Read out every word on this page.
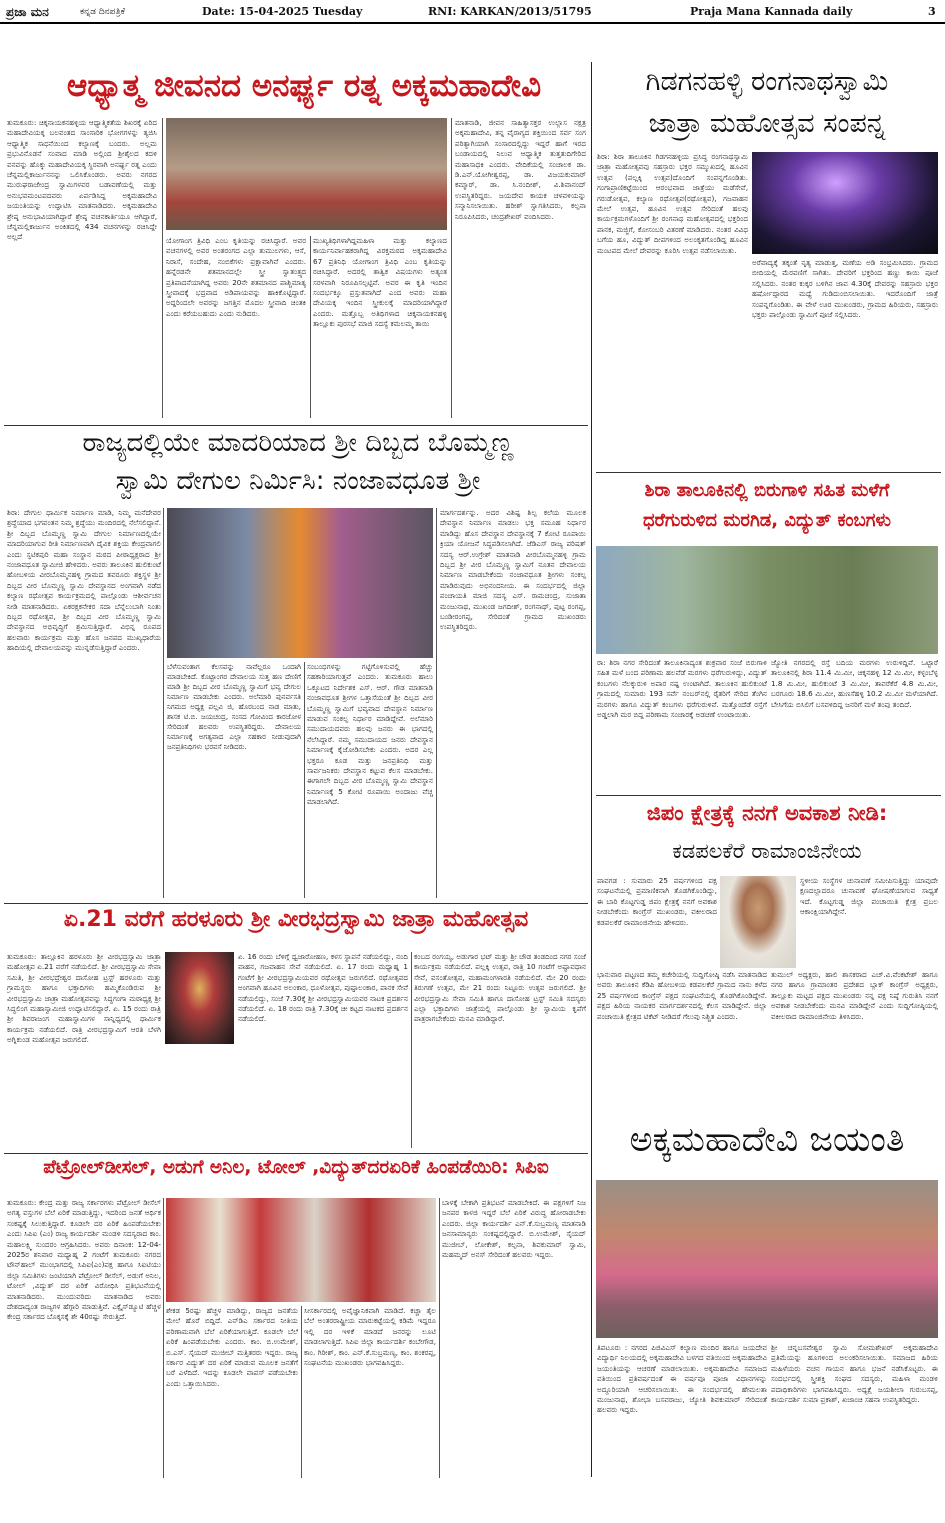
ಪ್ರಜಾ ಮನ	ಕನ್ನಡ ದಿನಪತ್ರಿಕೆ	Date: 15-04-2025 Tuesday	RNI: KARKAN/2013/51795	Praja Mana Kannada daily	3
ಆಧ್ಯಾತ್ಮ ಜೀವನದ ಅನರ್ಘ್ಯ ರತ್ನ ಅಕ್ಕಮಹಾದೇವಿ
ತುಮಕೂರು: ಚಿಕ್ಕನಾಯಕನಹಳ್ಳಿಯ ಆಧ್ಯಾತ್ಮಿಕತೆಯ ಶಿಖರಕ್ಕೆ ಏರಿದ ಮಹಾದೇವಿಯಕ್ಕ ಬಲವಂತದ ಸಾಂಸಾರಿಕ ಭೋಗಗಳನ್ನು ತ್ಯಜಿಸಿ ಆಧ್ಯಾತ್ಮಿಕ ಸಾಧನೆಯಿಂದ ಕಲ್ಯಾಣಕ್ಕೆ ಬಂದರು. ಅಲ್ಲಮ ಪ್ರಭುವಿನೊಡನೆ ಸಂವಾದ ಮಾಡಿ ಅಲ್ಲಿಂದ ಶ್ರೀಶೈಲದ ಕದಳಿ ವನವನ್ನು ಹೊಕ್ಕು ಮಹಾದೇವಿಯಕ್ಕ ಸ್ಥಿರವಾಗಿ ಅನರ್ಘ್ಯ ರತ್ನ ಎಂದು ಚೆನ್ನಮಲ್ಲಿಕಾರ್ಜುನನನ್ನು ಒಲಿಸಿಕೊಂಡರು. ಅವರು ನಗರದ ಮುರುಘರಾಜೇಂದ್ರ ಸ್ವಾಮಿಗಳವರ ಬಡಾವಣೆಯಲ್ಲಿ ಮತ್ತು ಅನುಭವಮಂಟಪದವರು ಏರ್ಪಡಿಸಿದ್ದ ಅಕ್ಕಮಹಾದೇವಿ ಜಯಂತಿಯನ್ನು ಉದ್ಘಾಟಿಸಿ ಮಾತನಾಡಿದರು. ಅಕ್ಕಮಹಾದೇವಿ ಶ್ರೇಷ್ಠ ಅನುಭಾವಿಯಾಗಿದ್ದಾರೆ ಶ್ರೇಷ್ಠ ವಚನಕಾರ್ತಿಯೂ ಆಗಿದ್ದಾರೆ, ಚೆನ್ನಮಲ್ಲಿಕಾರ್ಜುನ ಅಂಕಿತದಲ್ಲಿ 434 ವಚನಗಳನ್ನು ರಚಿಸಿದ್ದೇ ಅಲ್ಲದೆ	ಯೋಗಾಂಗ ತ್ರಿವಿಧಿ ಎಂಬ ಕೃತಿಯನ್ನು ರಚಿಸಿದ್ದಾರೆ. ಅವರ ವಚನಗಳಲ್ಲಿ ಅವರ ಅಂತರಂಗದ ಎಲ್ಲಾ ತುಮುಲಗಳು, ಆಸೆ, ನಿರಾಸೆ, ಸಂದೇಹ, ನಂಬಿಕೆಗಳು ಪ್ರಕ್ಷಾವಾಗಿವೆ ಎಂದರು. ಹನ್ನೆರಡನೇ ಶತಮಾನದಲ್ಲೇ ಸ್ತ್ರೀ ಸ್ವಾತಂತ್ರ್ಯದ ಪ್ರತಿಪಾದನೆಯಾಗಿದ್ದ ಅವರು 20ನೇ ಶತಮಾನದ ಪಾಶ್ಚಿಮಾತ್ಯ ಸ್ತ್ರೀವಾದಕ್ಕೆ ಭದ್ರವಾದ ಅಡಿಪಾಯವನ್ನು ಹಾಕಿಕೊಟ್ಟಿದ್ದಾರೆ. ಅದ್ದರಿಂದಲೇ ಅವರನ್ನು ಜಗತ್ತಿನ ಮೊದಲ ಸ್ತ್ರೀವಾದಿ ಚಿಂತಕಿ ಎಂದು ಕರೆಯಬಹುದು ಎಂದು ನುಡಿದರು.
ಮುಖ್ಯತಿಥಿಗಳಾಗಿದ್ದಮಹಿಳಾ ಮತ್ತು ಕಲ್ಯಾಣದ ಕಾರ್ಯನಿರ್ವಾಹಕರಾಗಿದ್ದ ವಿರಕ್ತಮಠದ ಅಕ್ಕಮಹಾದೇವಿ 67 ಪ್ರತಿನಿಧಿ ಯೋಗಾಂಗ ತ್ರಿವಿಧಿ ಎಂಬ ಕೃತಿಯನ್ನು ರಚಿಸಿದ್ದಾರೆ. ಅದರಲ್ಲಿ ತಾತ್ವಿಕ ವಿಷಯಗಳು ಅತ್ಯಂತ ಸರಳವಾಗಿ ನಿರೂಪಿಸಲ್ಪಟ್ಟಿವೆ. ಅವರ ಈ ಕೃತಿ ಇಂದಿನ ಸಂದರ್ಭಕ್ಕೂ ಪ್ರಸ್ತುತವಾಗಿದೆ ಎಂದ ಅವರು ಮಹಾ ದೇವಿಯಕ್ಕ ಇಂದಿನ ಸ್ತ್ರೀಕುಲಕ್ಕೆ ಮಾದರಿಯಾಗಿದ್ದಾರೆ ಎಂದರು. ಮತ್ತೊಬ್ಬ ಅತಿಥಿಗಳಾದ ಚಿಕ್ಕನಾಯಕನಹಳ್ಳಿ ತಾಲ್ಲೂಕು ಪುರಸಭೆ ಮಾಜಿ ಸದಸ್ಯೆ ಕಮಲಮ್ಮ ತಾಯಿ
ಮಾತನಾಡಿ, ಜೀವನ ಸಾಹಿತ್ಯಾಸಕ್ತರ ಉಲ್ಲಾಸ ನಕ್ಷತ್ರ ಅಕ್ಕಮಹಾದೇವಿ, ತನ್ನ ವೈರಾಗ್ಯದ ಶಕ್ತಿಯಿಂದ ಸರ್ವ ಸಂಗ ಪರಿತ್ಯಾಗಿಯಾಗಿ ಸಂಸಾರದಲ್ಲಿದ್ದು ಇದ್ದರೆ ಹಾಗೆ ಇರದ ಬಂಡಾಯದಲ್ಲಿ ನಿಲುವ ಆಧ್ಯಾತ್ಮಿಕ ತುತ್ತತುದಿಗೇರಿದ ಮಹಾಸಾಧಕಿ ಎಂದರು. ವೇದಿಕೆಯಲ್ಲಿ ಸಂಚಾಲಕ ಡಾ. ಡಿ.ಎನ್.ಯೋಗೀಶ್ವರಪ್ಪ, ಡಾ. ವಿಜಯಕುಮಾರ್ ಕಮ್ಮಾರ್, ಡಾ. ಸಿ.ನಂದೀಶ್, ವಿ.ಶಿವಾನಂದ್ ಉಪಸ್ಥಿತರಿದ್ದರು. ಜಯದೇವ ಕಾಯಕ ಚಳವಳಿಯನ್ನು ಸನ್ಮಾನಿಸಲಾಯಿತು. ಹರೀಶ್ ಸ್ವಾಗತಿಸಿದರು, ಕಲ್ಪನಾ ನಿರೂಪಿಸಿದರು, ಚಂದ್ರಶೇಖರ್ ವಂದಿಸಿದರು.
ಗಿಡಗನಹಳ್ಳಿ ರಂಗನಾಥಸ್ವಾಮಿ
ಜಾತ್ರಾ ಮಹೋತ್ಸವ ಸಂಪನ್ನ
ಶಿರಾ: ಶಿರಾ ತಾಲೂಕಿನ ಗಿಡಗನಹಳ್ಳಿಯ ಪ್ರಸಿದ್ಧ ರಂಗನಾಥಸ್ವಾಮಿ ಜಾತ್ರಾ ಮಹೋತ್ಸವವು ಸಹಸ್ರಾರು ಭಕ್ತರ ಸಮ್ಮುಖದಲ್ಲಿ ಹೂವಿನ ಉತ್ಸವ (ಪಲ್ಲಕ್ಕಿ ಉತ್ಸವ)ದೊಂದಿಗೆ ಸಂಪನ್ನಗೊಂಡಿತು. ಗಂಗಾಪ್ರಾಣಿಕಟ್ಟೆಯಿಂದ ಆರಂಭವಾದ ಜಾತ್ರೆಯು ಮಡೆಸೇವೆ, ಗರುಡೋತ್ಸವ, ಕಲ್ಯಾಣ ರಥೋತ್ಸವ(ರಥೋತ್ಸವ), ಗಜವಾಹನ ಮೇಲೆ ಉತ್ಸವ, ಹೂವಿನ ಉತ್ಸವ ಸೇರಿದಂತೆ ಹಲವು ಕಾರ್ಯಕ್ರಮಗಳೊಂದಿಗೆ ಶ್ರೀ ರಂಗನಾಥ ಮಹೋತ್ಸವದಲ್ಲಿ ಭಕ್ತರಿಂದ ಪಾನಕ, ಮಜ್ಜಿಗೆ, ಕೋಸಂಬರಿ ವಿತರಣೆ ಮಾಡಿದರು. ನಂತರ ವಿವಿಧ ಬಗೆಯ ಹೂ, ವಿದ್ಯುತ್ ದೀಪಗಳಿಂದ ಅಲಂಕೃತಗೊಂಡಿದ್ದ ಹೂವಿನ ಮಂಟಪದ ಮೇಲೆ ದೇವರನ್ನು ಕೂರಿಸಿ ಉತ್ಸವ ನಡೆಸಲಾಯಿತು.
ಅರೆವಾದ್ಯಕ್ಕೆ ತಕ್ಕಂತೆ ನೃತ್ಯ ಮಾಡುತ್ತ, ಮಣೆಯ ಅಡಿ ಸಂಭ್ರಮಿಸಿದರು. ಗ್ರಾಮದ ಬೀದಿಯಲ್ಲಿ ಮೆರವಣಿಗೆ ಸಾಗಿತು. ದೇವರಿಗೆ ಭಕ್ತರಿಂದ ಹಣ್ಣು ಕಾಯಿ ಪೂಜೆ ಸಲ್ಲಿಸಿದರು. ನಂತರ ಕುಕ್ಕರ ಬಳಿಗಿನ ಜಾವ 4.30ಕ್ಕೆ ದೇವರನ್ನು ಸಹಸ್ರಾರು ಭಕ್ತರ ಹರ್ಷೋದ್ಗಾರದ ಮಧ್ಯೆ ಗುಡಿದುಂಬಿಸಲಾಯಿತು. ಇದರೊಂದಿಗೆ ಜಾತ್ರೆ ಸಂಪನ್ನಗೊಂಡಿತು. ಈ ವೇಳೆ ಊರ ಮುಖಂಡರು, ಗ್ರಾಮದ ಹಿರಿಯರು, ಸಹಸ್ರಾರು ಭಕ್ತರು ಪಾಲ್ಗೊಂಡು ಸ್ವಾಮಿಗೆ ಪೂಜೆ ಸಲ್ಲಿಸಿದರು.
ರಾಜ್ಯದಲ್ಲಿಯೇ ಮಾದರಿಯಾದ ಶ್ರೀ ದಿಬ್ಬದ ಬೊಮ್ಮಣ್ಣ
ಸ್ವಾಮಿ ದೇಗುಲ ನಿರ್ಮಿಸಿ: ನಂಜಾವಧೂತ ಶ್ರೀ
ಶಿರಾ: ದೇಗುಲ ಧಾರ್ಮಿಕ ನಿರ್ಮಾಣ ಮಾಡಿ, ನಿಮ್ಮ ಮನೆದೇವರ ಶ್ರದ್ಧೆಯಾದ ಭಗವಂತನ ನಿಮ್ಮ ಶ್ರದ್ಧೆಯು ಮಂದಿರದಲ್ಲಿ ನೆಲೆಸಲಿದ್ದಾನೆ. ಶ್ರೀ ದಿಬ್ಬದ ಬೊಮ್ಮಣ್ಣ ಸ್ವಾಮಿ ದೇಗುಲ ನಿರ್ಮಾಣದಲ್ಲಿಯೇ ಮಾದರಿಯಾಗುವ ರೀತಿ ನಿರ್ಮಾಣವಾಗಿ ದೈವಿಕ ಶಕ್ತಿಯ ಕೇಂದ್ರವಾಗಲಿ ಎಂದು ಸ್ಫಟಿಕಪುರಿ ಮಹಾ ಸಂಸ್ಥಾನ ಮಠದ ಪೀಠಾಧ್ಯಕ್ಷರಾದ ಶ್ರೀ ನಂಜಾವಧೂತ ಸ್ವಾಮೀಜಿ ಹೇಳಿದರು. ಅವರು ತಾಲೂಕಿನ ಹುಲಿಕುಂಟೆ ಹೋಬಳಿಯ ವೀರಬೊಮ್ಮನಹಳ್ಳಿ ಗ್ರಾಮದ ತವರೂರು ಶಕ್ತಿಸ್ಥಳ ಶ್ರೀ ದಿಬ್ಬದ ವೀರ ಬೊಮ್ಮಣ್ಣ ಸ್ವಾಮಿ ದೇವಸ್ಥಾನದ ಅಂಗವಾಗಿ ನಡೆದ ಕಲ್ಯಾಣ ರಥೋತ್ಸವ ಕಾರ್ಯಕ್ರಮದಲ್ಲಿ ಪಾಲ್ಗೊಂಡು ಆಶೀರ್ವಚನ ನೀಡಿ ಮಾತನಾಡಿದರು. ಏಕರಕ್ಷಕನೇಕರ ಸದಾ ಬೆನ್ನೆಲುಬಾಗಿ ನಿಂತು ದಿಬ್ಬದ ರಥೋತ್ಸವ, ಶ್ರೀ ದಿಬ್ಬದ ವೀರ ಬೊಮ್ಮಣ್ಣ ಸ್ವಾಮಿ ದೇವಸ್ಥಾನದ ಅಭಿವೃದ್ಧಿಗೆ ಶ್ರಮಿಸುತ್ತಿದ್ದಾರೆ. ವಿಭಿನ್ನ ರೂಪದ ಹಲವಾರು ಕಾರ್ಯಕ್ರಮ ಮತ್ತು ಹೊಸ ಜನಪದ ಮುಖ್ಯಧಾರೆಯ ಹಾದಿಯಲ್ಲಿ ದೇವಾಲಯವನ್ನು ಮುನ್ನಡೆಸುತ್ತಿದ್ದಾರೆ ಎಂದರು.
ಬೆಳೆಸುವಂತಾಗ ಕೆಲಸವನ್ನು ನಾವೆಲ್ಲರೂ ಒಂದಾಗಿ ಮಾಡಬೇಕಿದೆ. ಕೊಟ್ಟಾಂಗರ ದೇವಾಲಯ ಸುತ್ತ ಹಣ ದೇಣಿಗೆ ಮಾಡಿ ಶ್ರೀ ದಿಬ್ಬದ ವೀರ ಬೊಮ್ಮಣ್ಣ ಸ್ವಾಮಿಗೆ ಭವ್ಯ ದೇಗುಲ ನಿರ್ಮಾಣ ಮಾಡಬೇಕು ಎಂದರು. ಅಲೆಮಾರಿ ಪುನರ್ವಸತಿ ನಿಗಮದ ಅಧ್ಯಕ್ಷ ಪಲ್ಲವಿ ಜಿ, ಹೊರಬಂದ ನಾಡ ಮಾತು, ಶಾಸಕ ಟಿ.ಬಿ. ಜಯಚಂದ್ರ, ಸಂಸದ ಗೋವಿಂದ ಕಾರಜೋಳ ಸೇರಿದಂತೆ ಹಲವರು ಉಪಸ್ಥಿತರಿದ್ದರು. ದೇವಾಲಯ ನಿರ್ಮಾಣಕ್ಕೆ ಅಗತ್ಯವಾದ ಎಲ್ಲಾ ಸಹಕಾರ ನೀಡುವುದಾಗಿ ಜನಪ್ರತಿನಿಧಿಗಳು ಭರವಸೆ ನೀಡಿದರು.
ಸಂಬಂಧಗಳನ್ನು ಗಟ್ಟಿಗೊಳಿಸುವಲ್ಲಿ ಹೆಚ್ಚು ಸಹಕಾರಿಯಾಗುತ್ತವೆ ಎಂದರು. ತುಮಕೂರು ಹಾಲು ಒಕ್ಕೂಟದ ನಿರ್ದೇಶಕ ಎಸ್. ಆರ್. ಗೌಡ ಮಾತನಾಡಿ ನಂಜಾವಧೂತ ಶ್ರೀಗಳ ಒತ್ತಾಸೆಯಂತೆ ಶ್ರೀ ದಿಬ್ಬದ ವೀರ ಬೊಮ್ಮಣ್ಣ ಸ್ವಾಮಿಗೆ ಭವ್ಯವಾದ ದೇವಸ್ಥಾನ ನಿರ್ಮಾಣ ಮಾಡುವ ಸಂಕಲ್ಪ ನಿರ್ಧಾರ ಮಾಡಿದ್ದೇವೆ. ಅಲೆಮಾರಿ ಸಮುದಾಯದವರು ಹಲವು ಜನರು ಈ ಭಾಗದಲ್ಲಿ ನೆಲೆಸಿದ್ದಾರೆ. ನಮ್ಮ ಸಮುದಾಯದ ಜನರು ದೇವಸ್ಥಾನ ನಿರ್ಮಾಣಕ್ಕೆ ಕೈಜೋಡಿಸಬೇಕು ಎಂದರು. ಅದರ ಎಲ್ಲ ಭಕ್ತರೂ ಕೂಡ ಮತ್ತು ಜನಪ್ರತಿನಿಧಿ ಮತ್ತು ಸಾರ್ವಜನಿಕರು ದೇವಸ್ಥಾನ ಕಟ್ಟುವ ಕೆಲಸ ಮಾಡಬೇಕು. ಈಗಾಗಲೇ ದಿಬ್ಬದ ವೀರ ಬೊಮ್ಮಣ್ಣ ಸ್ವಾಮಿ ದೇವಸ್ಥಾನ ನಿರ್ಮಾಣಕ್ಕೆ 5 ಕೋಟಿ ರೂಪಾಯಿ ಅಂದಾಜು ವೆಚ್ಚ ಮಾಡಲಾಗಿದೆ.
ಮಾರ್ಗದರ್ಶನ್ನು. ಅದರ ವಿಶಿಷ್ಟ ಶಿಲ್ಪ ಕಲೆಯ ಮೂಲಕ ದೇವಸ್ಥಾನ ನಿರ್ಮಾಣ ಮಾಡಲು ಭಕ್ತ ಸಮೂಹ ನಿರ್ಧಾರ ಮಾಡಿದ್ದು ಹೊಸ ದೇವಸ್ಥಾನ ದೇವಸ್ಥಾನಕ್ಕೆ 7 ಕೋಟಿ ರೂಪಾಯಿ ಕ್ರಿಯಾ ಯೋಜನೆ ಸಿದ್ಧಪಡಿಸಲಾಗಿದೆ. ಜೆಡಿಎಸ್ ರಾಜ್ಯ ಪರಿಷತ್ ಸದಸ್ಯ ಆರ್.ಉಗ್ರೇಶ್ ಮಾತನಾಡಿ ವೀರಬೊಮ್ಮನಹಳ್ಳಿ ಗ್ರಾಮ ದಿಬ್ಬದ ಶ್ರೀ ವೀರ ಬೊಮ್ಮಣ್ಣ ಸ್ವಾಮಿಗೆ ನೂತನ ದೇವಾಲಯ ನಿರ್ಮಾಣ ಮಾಡಬೇಕೆಂದು ನಂಜಾವಧೂತ ಶ್ರೀಗಳು ಸಂಕಲ್ಪ ಮಾಡಿರುವುದು ಅಭಿನಂದನೀಯ. ಈ ಸಂದರ್ಭದಲ್ಲಿ ಜಿಲ್ಲಾ ಪಂಚಾಯತಿ ಮಾಜಿ ಸದಸ್ಯ ಎಸ್. ರಾಮಚಂದ್ರ, ಸುಜಾತಾ ಮಂಜುನಾಥ, ಮುಖಂಡ ಜಗದೀಶ್, ರಂಗನಾಥ್, ಪುಟ್ಟ ರಂಗಪ್ಪ, ಬಂಡೀರಂಗಪ್ಪ, ಸೇರಿದಂತೆ ಗ್ರಾಮದ ಮುಖಂಡರು ಉಪಸ್ಥಿತರಿದ್ದರು.
ಶಿರಾ ತಾಲೂಕಿನಲ್ಲಿ ಬಿರುಗಾಳಿ ಸಹಿತ ಮಳೆಗೆ
ಧರೆಗುರುಳಿದ ಮರಗಿಡ, ವಿದ್ಯುತ್ ಕಂಬಗಳು
ರಾ: ಶಿರಾ ನಗರ ಸೇರಿದಂತೆ ತಾಲೂಕಿನಾದ್ಯಂತ ಶುಕ್ರವಾರ ಸಂಜೆ ಬಿರುಗಾಳಿ ಸಹಿತ ಮಳೆ ಬಂದ ಪರಿಣಾಮ ಹಲವೆಡೆ ಮರಗಳು ಧರೆಗುರುಳಿದ್ದು, ವಿದ್ಯುತ್ ಕಂಬಗಳು ನೆಲಕ್ಕುರುಳಿ ಅಪಾರ ನಷ್ಟ ಉಂಟಾಗಿದೆ. ತಾಲೂಕಿನ ಹುಲಿಕುಂಟೆ ಗ್ರಾಮದಲ್ಲಿ ಸುಮಾರು 193 ಸರ್ವೆ ನಂಬರ್‌ನಲ್ಲಿ ರೈತರಿಗೆ ಸೇರಿದ ತೆಂಗಿನ ಮರಗಳು ಹಾಗೂ ವಿದ್ಯುತ್ ಕಂಬಗಳು ಧರೆಗುರುಳಿವೆ. ಮತ್ತೊಂದೆಡೆ ರಸ್ತೆಗೆ ಅಡ್ಡಲಾಗಿ ಮರ ಬಿದ್ದ ಪರಿಣಾಮ ಸಂಚಾರಕ್ಕೆ ಅಡಚಣೆ ಉಂಟಾಯಿತು.
ಜ್ಯೋತಿ ನಗರದಲ್ಲಿ ರಸ್ತೆ ಬದಿಯ ಮರಗಳು ಉರುಳಿದ್ದಿವೆ. ಒಟ್ಟಾರೆ ತಾಲೂಕಿನಲ್ಲಿ ಶಿರಾ 11.4 ಮಿ.ಮೀ, ಚಿಕ್ಕನಹಳ್ಳಿ 12 ಮಿ.ಮೀ, ಕಳ್ಳಂಬೆಳ್ಳ 1.8 ಮಿ.ಮೀ, ಹುಲಿಕುಂಟೆ 3 ಮಿ.ಮೀ, ತಾವರೆಕೆರೆ 4.8 ಮಿ.ಮೀ, ಬರಗೂರು 18.6 ಮಿ.ಮೀ, ಹುಣಸೆಹಳ್ಳಿ 10.2 ಮಿ.ಮೀ ಮಳೆಯಾಗಿದೆ. ಬೇಸಿಗೆಯ ಬಿಸಿಲಿಗೆ ಬಸವಳಿದಿದ್ದ ಜನರಿಗೆ ಮಳೆ ತಂಪು ತಂದಿದೆ.
ಜಿಪಂ ಕ್ಷೇತ್ರಕ್ಕೆ ನನಗೆ ಅವಕಾಶ ನೀಡಿ:
ಕಡಪಲಕೆರೆ ರಾಮಾಂಜಿನೇಯ
ಪಾವಗಡ : ಸುಮಾರು 25 ವರ್ಷಗಳಿಂದ ಪಕ್ಷ ಸಂಘಟನೆಯಲ್ಲಿ ಪ್ರಮಾಣಿಕನಾಗಿ ತೊಡಗಿಕೊಂಡಿದ್ದು, ಈ ಬಾರಿ ಕೊಟ್ಟಗುಡ್ಡ ಜಿಪಂ ಕ್ಷೇತ್ರಕ್ಕೆ ನನಗೆ ಅವಕಾಶ ನೀಡಬೇಕೆಂದು ಕಾಂಗ್ರೆಸ್ ಮುಖಂಡರು, ವಕೀಲರಾದ ಕಡಪಲಕೆರೆ ರಾಮಾಂಜಿನೇಯ ಹೇಳಿದರು.
ಸ್ಥಳೀಯ ಸಂಸ್ಥೆಗಳ ಚುನಾವಣೆ ಸಮೀಪಿಸುತ್ತಿದ್ದು ಯಾವುದೇ ಕ್ಷಣದಲ್ಲಾದರೂ ಚುನಾವಣೆ ಘೋಷಣೆಯಾಗುವ ಸಾಧ್ಯತೆ ಇದೆ. ಕೊಟ್ಟಗುಡ್ಡ ಜಿಲ್ಲಾ ಪಂಚಾಯಿತಿ ಕ್ಷೇತ್ರ ಪ್ರಬಲ ಆಕಾಂಕ್ಷಿಯಾಗಿದ್ದೇನೆ.
ಭಾನುವಾರ ಪಟ್ಟಣದ ತಮ್ಮ ಕಚೇರಿಯಲ್ಲಿ ಸುದ್ದಿಗೋಷ್ಠಿ ನಡೆಸಿ ಮಾತನಾಡಿದ ಅವರು ತಾಲೂಕಿನ ಕೆಡಿಪಿ ಹೋಬಳಿಯ ಕಡಪಲಕೆರೆ ಗ್ರಾಮದ ನಾನು ಕಳೆದ 25 ವರ್ಷಗಳಿಂದ ಕಾಂಗ್ರೆಸ್ ಪಕ್ಷದ ಸಂಘಟನೆಯಲ್ಲಿ ತೊಡಗಿಕೊಂಡಿದ್ದೇನೆ. ಪಕ್ಷದ ಹಿರಿಯ ನಾಯಕರ ಮಾರ್ಗದರ್ಶನದಲ್ಲಿ ಕೆಲಸ ಮಾಡಿದ್ದೇನೆ. ಜಿಲ್ಲಾ ಪಂಚಾಯಿತಿ ಕ್ಷೇತ್ರದ ಟಿಕೆಟ್ ನೀಡಿದರೆ ಗೆಲುವು ನಿಶ್ಚಿತ ಎಂದರು.
ತುಮುಲ್ ಅಧ್ಯಕ್ಷರು, ಹಾಲಿ ಶಾಸಕರಾದ ಎಚ್.ವಿ.ವೆಂಕಟೇಶ್ ಹಾಗೂ ನಗರ ಹಾಗೂ ಗ್ರಾಮಾಂತರ ಪ್ರದೇಶದ ಬ್ಲಾಕ್ ಕಾಂಗ್ರೆಸ್ ಅಧ್ಯಕ್ಷರು, ತಾಲ್ಲೂಕು ಮಟ್ಟದ ಪಕ್ಷದ ಮುಖಂಡರು ನನ್ನ ಪಕ್ಷ ನಿಷ್ಠೆ ಗುರುತಿಸಿ ನನಗೆ ಅವಕಾಶ ನೀಡಬೇಕೆಂದು ಮನವಿ ಮಾಡಿದ್ದೇನೆ ಎಂದು ಸುದ್ದಿಗೋಷ್ಠಿಯಲ್ಲಿ ವಕೀಲರಾದ ರಾಮಾಂಜಿನೇಯ ತಿಳಿಸಿದರು.
ಏ.21 ವರೆಗೆ ಹರಳೂರು ಶ್ರೀ ವೀರಭದ್ರಸ್ವಾಮಿ ಜಾತ್ರಾ ಮಹೋತ್ಸವ
ತುಮಕೂರು: ತಾಲ್ಲೂಕಿನ ಹರಳೂರು ಶ್ರೀ ವೀರಭದ್ರಸ್ವಾಮಿ ಜಾತ್ರಾ ಮಹೋತ್ಸವ ಏ.21 ವರೆಗೆ ನಡೆಯಲಿದೆ. ಶ್ರೀ ವೀರಭದ್ರಸ್ವಾಮಿ ಸೇವಾ ಸಮಿತಿ, ಶ್ರೀ ವೀರಭದ್ರೇಶ್ವರ ದಾಸೋಹ ಟ್ರಸ್ಟ್ ಹರಳೂರು ಮತ್ತು ಗ್ರಾಮಸ್ಥರು ಹಾಗೂ ಭಕ್ತಾದಿಗಳು ಹಮ್ಮಿಕೊಂಡಿರುವ ಶ್ರೀ ವೀರಭದ್ರಸ್ವಾಮಿ ಜಾತ್ರಾ ಮಹೋತ್ಸವವನ್ನು ಸಿದ್ಧಗಂಗಾ ಮಠಾಧ್ಯಕ್ಷ ಶ್ರೀ ಸಿದ್ಧಲಿಂಗ ಮಹಾಸ್ವಾಮೀಜಿ ಉದ್ಘಾಟಿಸಲಿದ್ದಾರೆ. ಏ. 15 ರಂದು ರಾತ್ರಿ ಶ್ರೀ ಶಿವರಾಜಂಗ ಮಹಾಸ್ವಾಮಿಗಳ ಸಾನ್ನಿಧ್ಯದಲ್ಲಿ ಧಾರ್ಮಿಕ ಕಾರ್ಯಕ್ರಮ ನಡೆಯಲಿದೆ. ರಾತ್ರಿ ವೀರಭದ್ರಸ್ವಾಮಿಗೆ ಆರತಿ ಬೆಳಗಿ ಅಗ್ನಿಕುಂಡ ಮಹೋತ್ಸವ ಜರುಗಲಿದೆ.
ಏ. 16 ರಂದು ಬೆಳಿಗ್ಗೆ ಧ್ವಜಾರೋಹಣ, ಕಳಸ ಸ್ಥಾಪನೆ ನಡೆಯಲಿದ್ದು, ನಂದಿ ವಾಹನ, ಗಜವಾಹನ ಸೇವೆ ನಡೆಯಲಿದೆ. ಏ. 17 ರಂದು ಮಧ್ಯಾಹ್ನ 1 ಗಂಟೆಗೆ ಶ್ರೀ ವೀರಭದ್ರಸ್ವಾಮಿಯವರ ರಥೋತ್ಸವ ಜರುಗಲಿದೆ. ರಥೋತ್ಸವದ ಅಂಗವಾಗಿ ಹೂವಿನ ಅಲಂಕಾರ, ಧೂಳೋತ್ಸವ, ಪುಷ್ಪಾಲಂಕಾರ, ಪಾನಕ ಸೇವೆ ನಡೆಯಲಿದ್ದು, ಸಂಜೆ 7.30ಕ್ಕೆ ಶ್ರೀ ವೀರಭದ್ರಸ್ವಾಮಿಯವರ ನಾಟಕ ಪ್ರದರ್ಶನ ನಡೆಯಲಿದೆ. ಏ. 18 ರಂದು ರಾತ್ರಿ 7.30ಕ್ಕೆ ಚೀ ಕಟ್ಟದ ನಾಟಕದ ಪ್ರದರ್ಶನ ನಡೆಯಲಿದೆ.
ಕಂಬದ ರಂಗಯ್ಯ, ಅಡುಗಾರ ಭಟ್ ಮತ್ತು ಶ್ರೀ ಚೌಡ ತಂಡದಿಂದ ನಗರ ಸಂಜೆ ಕಾರ್ಯಕ್ರಮ ನಡೆಯಲಿದೆ. ಪಲ್ಲಕ್ಕಿ ಉತ್ಸವ, ರಾತ್ರಿ 10 ಗಂಟೆಗೆ ಅಷ್ಟಾವಧಾನ ಸೇವೆ, ವಸಂತೋತ್ಸವ, ಮಹಾಮಂಗಳಾರತಿ ನಡೆಯಲಿದೆ. ಮೇ 20 ರಂದು ತಿರುಗಣೆ ಉತ್ಸವ, ಮೇ 21 ರಂದು ನಿಟ್ಟೂರು ಉತ್ಸವ ಜರುಗಲಿದೆ. ಶ್ರೀ ವೀರಭದ್ರಸ್ವಾಮಿ ಸೇವಾ ಸಮಿತಿ ಹಾಗೂ ದಾಸೋಹ ಟ್ರಸ್ಟ್ ಸಮಿತಿ ಸದಸ್ಯರು ಎಲ್ಲಾ ಭಕ್ತಾದಿಗಳು ಜಾತ್ರೆಯಲ್ಲಿ ಪಾಲ್ಗೊಂಡು ಶ್ರೀ ಸ್ವಾಮಿಯ ಕೃಪೆಗೆ ಪಾತ್ರರಾಗಬೇಕೆಂದು ಮನವಿ ಮಾಡಿದ್ದಾರೆ.
ಪೆಟ್ರೋಲ್‌ಡೀಸಲ್, ಅಡುಗೆ ಅನಿಲ, ಟೋಲ್ ,ವಿದ್ಯುತ್‌ದರಏರಿಕೆ ಹಿಂಪಡೆಯಿರಿ: ಸಿಪಿಐ
ತುಮಕೂರು: ಕೇಂದ್ರ ಮತ್ತು ರಾಜ್ಯ ಸರ್ಕಾರಗಳು ಪೆಟ್ರೋಲ್ ಡೀಸೆಲ್ ಅಗತ್ಯ ವಸ್ತುಗಳ ಬೆಲೆ ಏರಿಕೆ ಮಾಡುತ್ತಿದ್ದು, ಇದರಿಂದ ಜನತೆ ಆರ್ಥಿಕ ಸಂಕಷ್ಟಕ್ಕೆ ಸಿಲುಕುತ್ತಿದ್ದಾರೆ. ಕೂಡಲೇ ದರ ಏರಿಕೆ ಹಿಂಪಡೆಯಬೇಕು ಎಂದು ಸಿಪಿಐ (ಎಂ) ರಾಜ್ಯ ಕಾರ್ಯದರ್ಶಿ ಮಂಡಳಿ ಸದಸ್ಯರಾದ ಕಾಂ. ಮಹಾಲಕ್ಷ್ಮಿ ಸುಂದರಂ ಆಗ್ರಹಿಸಿದರು. ಅವರು ದಿನಾಂಕ: 12-04-2025ರ ಶನಿವಾರ ಮಧ್ಯಾಹ್ನ 2 ಗಂಟೆಗೆ ತುಮಕೂರು ನಗರದ ಟೌನ್‌ಹಾಲ್ ಮುಂಭಾಗದಲ್ಲಿ ಸಿಪಿಐ(ಎಂ)ಪಕ್ಷ ಹಾಗೂ ಸಿಐಟಿಯು ಜಿಲ್ಲಾ ಸಮಿತಿಗಳು ಜಂಟಿಯಾಗಿ ಪೆಟ್ರೋಲ್ ಡೀಸೆಲ್, ಅಡುಗೆ ಅನಿಲ, ಟೋಲ್ ,ವಿದ್ಯುತ್ ದರ ಏರಿಕೆ ವಿರೋಧಿಸಿ ಪ್ರತಿಭಟನೆಯಲ್ಲಿ ಮಾತನಾಡಿದರು. ಮುಂದುವರಿದು ಮಾತನಾಡಿದ ಅವರು ದೇಶದಾದ್ಯಂತ ರಾಜ್ಯಗಳ ಹೆಗ್ಗಾರಿ ಮಾಡುತ್ತಿವೆ. ಎಕ್ಸೈಸ್‌ಡ್ಯೂಟಿ ಹೆಚ್ಚಳ ಕೇಂದ್ರ ಸರ್ಕಾರದ ಬೊಕ್ಕಸಕ್ಕೆ ಶೇ 40ರಷ್ಟು ಸೇರುತ್ತಿದೆ.
ಶೇಕಡ 5ರಷ್ಟು ಹೆಚ್ಚಳ ಮಾಡಿದ್ದು, ರಾಜ್ಯದ ಜನತೆಯ ಮೇಲೆ ಹೊರೆ ಬಿದ್ದಿದೆ. ಎನ್‌ಡಿಎ ಸರ್ಕಾರದ ನೀತಿಯ ಪರಿಣಾಮವಾಗಿ ಬೆಲೆ ಏರಿಕೆಯಾಗುತ್ತಿದೆ. ಕೂಡಲೇ ಬೆಲೆ ಏರಿಕೆ ಹಿಂಪಡೆಯಬೇಕು ಎಂದರು. ಕಾಂ. ಬಿ.ಉಮೇಶ್, ಬಿ.ಎಸ್. ಸೈಯದ್ ಮುಜೀಬ್ ಮತ್ತಿತರರು ಇದ್ದರು. ರಾಜ್ಯ ಸರ್ಕಾರ ವಿದ್ಯುತ್ ದರ ಏರಿಕೆ ಮಾಡುವ ಮೂಲಕ ಜನತೆಗೆ ಬರೆ ಎಳೆದಿದೆ. ಇದನ್ನು ಕೂಡಲೇ ವಾಪಸ್ ಪಡೆಯಬೇಕು ಎಂದು ಒತ್ತಾಯಿಸಿದರು.
ಸೀಸರ್ಕಾರದಲ್ಲಿ ಅವೈಜ್ಞಾನಿಕವಾಗಿ ಮಾಡಿದೆ. ಕಚ್ಚಾ ತೈಲ ಬೆಲೆ ಅಂತರರಾಷ್ಟ್ರೀಯ ಮಾರುಕಟ್ಟೆಯಲ್ಲಿ ಕಡಿಮೆ ಇದ್ದರೂ ಇಲ್ಲಿ ದರ ಇಳಿಕೆ ಮಾಡದೆ ಜನರನ್ನು ಲೂಟಿ ಮಾಡಲಾಗುತ್ತಿದೆ. ಸಿಪಿಐ ಜಿಲ್ಲಾ ಕಾರ್ಯದರ್ಶಿ ಕಂಬೇಗೌಡ, ಕಾಂ. ಗಿರೀಶ್, ಕಾಂ. ಎನ್.ಕೆ.ಸುಬ್ರಮಣ್ಯ, ಕಾಂ. ಶಂಕರಪ್ಪ, ಸಂಘಟನೆಯ ಮುಖಂಡರು ಭಾಗವಹಿಸಿದ್ದರು.
ಬಾಳಕ್ಕೆ ಬೇಕಾಗಿ ಪ್ರತಿಭಟನೆ ಮಾಡಬೇಕಿದೆ. ಈ ಪಕ್ಷಗಳಿಗೆ ನಿಜ ಜನಪರ ಕಾಳಜಿ ಇದ್ದರೆ ಬೆಲೆ ಏರಿಕೆ ವಿರುದ್ಧ ಹೋರಾಡಬೇಕು ಎಂದರು. ಜಿಲ್ಲಾ ಕಾರ್ಯದರ್ಶಿ ಎನ್.ಕೆ.ಸುಬ್ರಮಣ್ಯ ಮಾತನಾಡಿ ಜನಸಾಮಾನ್ಯರು ಸಂಕಷ್ಟದಲ್ಲಿದ್ದಾರೆ. ಬಿ.ಉಮೇಶ್, ಸೈಯದ್ ಮುಜೀಬ್, ಲೋಕೇಶ್, ಕಲ್ಪನಾ, ಶಿವಕುಮಾರ್ ಸ್ವಾಮಿ, ಮಹಮ್ಮದ್ ಅನಸ್ ಸೇರಿದಂತೆ ಹಲವರು ಇದ್ದರು.
ಅಕ್ಕಮಹಾದೇವಿ ಜಯಂತಿ
ತಿಪಟೂರು : ನಗರದ ಪಿಜಿವಿಎಸ್ ಕಲ್ಯಾಣ ಮಂದಿರ ಹಾಗೂ ಜಯದೇವ ವಿದ್ಯಾರ್ಥಿ ನಿಲಯದಲ್ಲಿ ಅಕ್ಕಮಹಾದೇವಿ ಬಳಗದ ವತಿಯಿಂದ ಅಕ್ಕಮಹಾದೇವಿ ಜಯಂತಿಯನ್ನು ಆಚರಣೆ ಮಾಡಲಾಯಿತು. ಅಕ್ಕಮಹಾದೇವಿ ಸಮಾಜದ ವತಿಯಿಂದ ಪ್ರತಿವರ್ಷದಂತೆ ಈ ವರ್ಷವೂ ಪೂಜಾ ವಿಧಾನಗಳನ್ನು ಅದ್ದೂರಿಯಾಗಿ ಆಚರಿಸಲಾಯಿತು. ಈ ಸಂದರ್ಭದಲ್ಲಿ ಹೇಮಲತಾ ಮಂಜುನಾಥ, ಶೋಭಾ ಬಸವರಾಜು, ಜ್ಯೋತಿ ಶಿವಕುಮಾರ್ ಸೇರಿದಂತೆ ಹಲವರು ಇದ್ದರು.
ಶ್ರೀ ಚನ್ನಬಸವೇಶ್ವರ ಸ್ವಾಮಿ ಸೋಮಶೇಖರ್ ಅಕ್ಕಮಹಾದೇವಿ ಪ್ರತಿಮೆಯನ್ನು ಹೂಗಳಿಂದ ಅಲಂಕರಿಸಲಾಯಿತು. ಸಮಾಜದ ಹಿರಿಯ ಮಹಿಳೆಯರು ವಚನ ಗಾಯನ ಹಾಗೂ ಭಜನೆ ನಡೆಸಿಕೊಟ್ಟರು. ಈ ಸಂದರ್ಭದಲ್ಲಿ ಸ್ತ್ರೀಶಕ್ತಿ ಸಂಘದ ಸದಸ್ಯರು, ಮಹಿಳಾ ಮಂಡಳಿ ಪದಾಧಿಕಾರಿಗಳು ಭಾಗವಹಿಸಿದ್ದರು. ಅಧ್ಯಕ್ಷೆ ಜಯಶೀಲಾ ಗುರುಬಸಪ್ಪ, ಕಾರ್ಯದರ್ಶಿ ಸುಮಾ ಪ್ರಕಾಶ್, ಖಜಾಂಚಿ ಸಹನಾ ಉಪಸ್ಥಿತರಿದ್ದರು.
